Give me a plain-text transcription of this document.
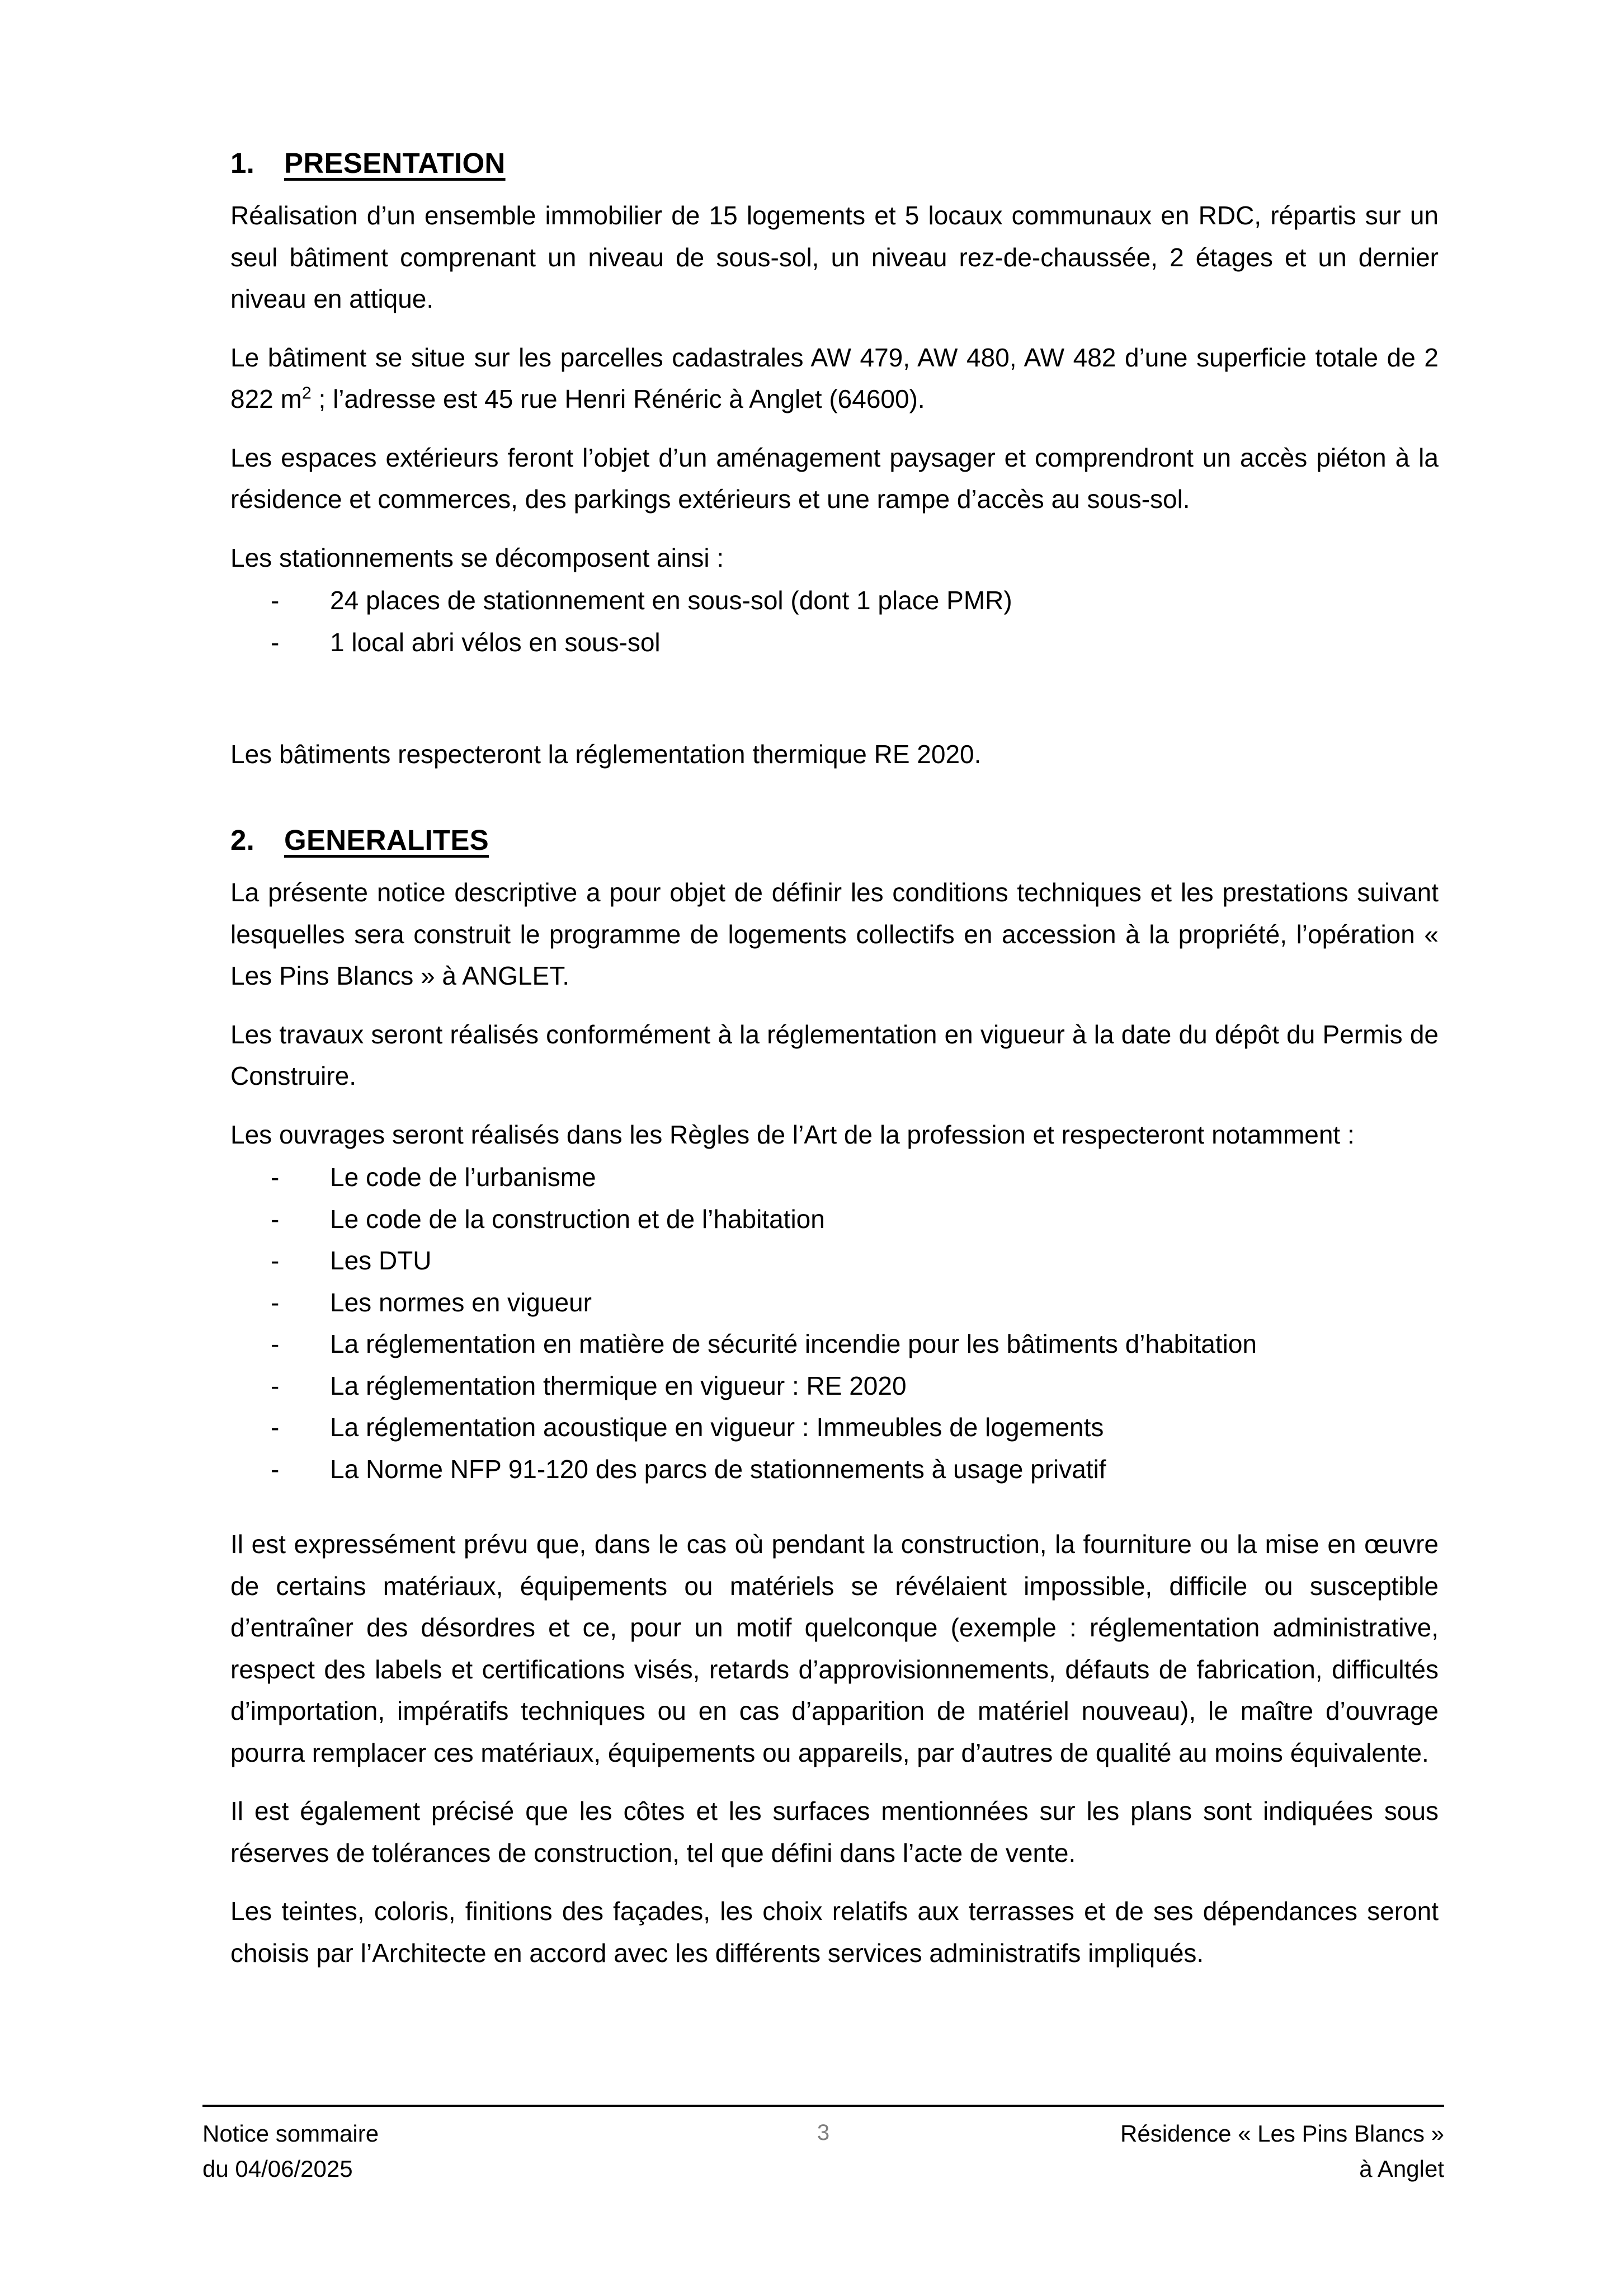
1.	PRESENTATION

Réalisation d’un ensemble immobilier de 15 logements et 5 locaux communaux en RDC, répartis sur un seul bâtiment comprenant un niveau de sous-sol, un niveau rez-de-chaussée, 2 étages et un dernier niveau en attique.

Le bâtiment se situe sur les parcelles cadastrales AW 479, AW 480, AW 482 d’une superficie totale de 2 822 $m^2$ ; l’adresse est 45 rue Henri Rénéric à Anglet (64600).

Les espaces extérieurs feront l’objet d’un aménagement paysager et comprendront un accès piéton à la résidence et commerces, des parkings extérieurs et une rampe d’accès au sous-sol.

Les stationnements se décomposent ainsi :

- 24 places de stationnement en sous-sol (dont 1 place PMR)
- 1 local abri vélos en sous-sol

Les bâtiments respecteront la réglementation thermique RE 2020.

2.	GENERALITES

La présente notice descriptive a pour objet de définir les conditions techniques et les prestations suivant lesquelles sera construit le programme de logements collectifs en accession à la propriété, l’opération « Les Pins Blancs » à ANGLET.

Les travaux seront réalisés conformément à la réglementation en vigueur à la date du dépôt du Permis de Construire.

Les ouvrages seront réalisés dans les Règles de l’Art de la profession et respecteront notamment :

- Le code de l’urbanisme
- Le code de la construction et de l’habitation
- Les DTU
- Les normes en vigueur
- La réglementation en matière de sécurité incendie pour les bâtiments d’habitation
- La réglementation thermique en vigueur : RE 2020
- La réglementation acoustique en vigueur : Immeubles de logements
- La Norme NFP 91-120 des parcs de stationnements à usage privatif

Il est expressément prévu que, dans le cas où pendant la construction, la fourniture ou la mise en œuvre de certains matériaux, équipements ou matériels se révélaient impossible, difficile ou susceptible d’entraîner des désordres et ce, pour un motif quelconque (exemple : réglementation administrative, respect des labels et certifications visés, retards d’approvisionnements, défauts de fabrication, difficultés d’importation, impératifs techniques ou en cas d’apparition de matériel nouveau), le maître d’ouvrage pourra remplacer ces matériaux, équipements ou appareils, par d’autres de qualité au moins équivalente.

Il est également précisé que les côtes et les surfaces mentionnées sur les plans sont indiquées sous réserves de tolérances de construction, tel que défini dans l’acte de vente.

Les teintes, coloris, finitions des façades, les choix relatifs aux terrasses et de ses dépendances seront choisis par l’Architecte en accord avec les différents services administratifs impliqués.

Notice sommaire
du 04/06/2025
3	Résidence « Les Pins Blancs »
à Anglet
